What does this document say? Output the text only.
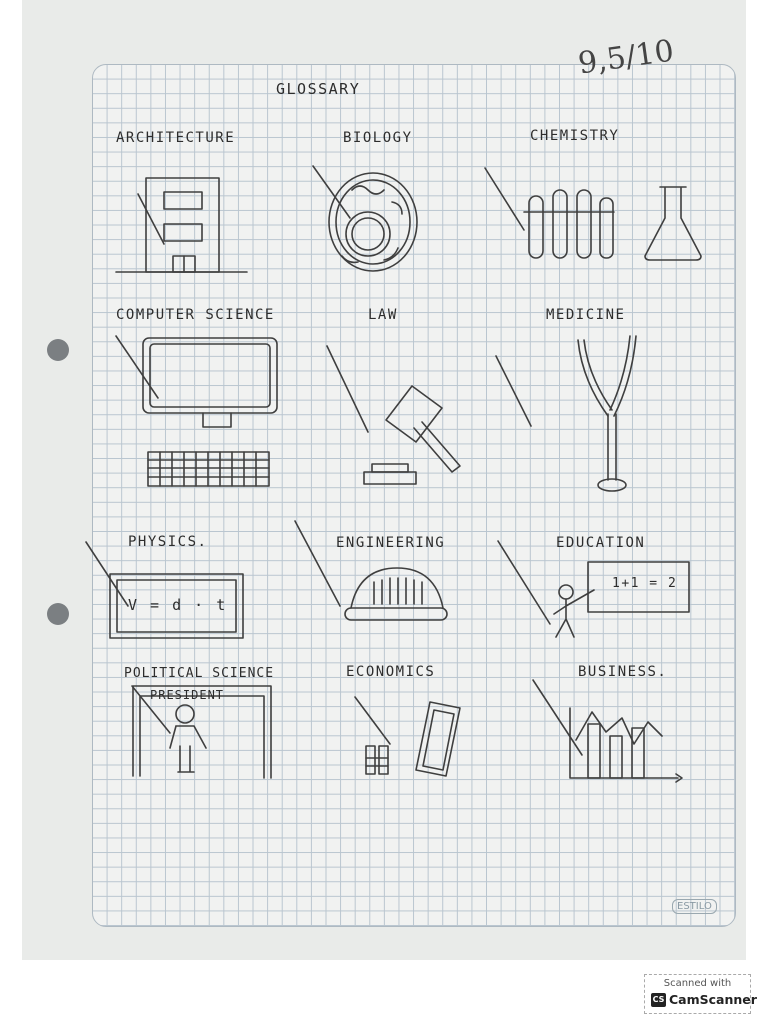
GLOSSARY
9,5/10
ESTILO
ARCHITECTURE	BIOLOGY	CHEMISTRY
COMPUTER SCIENCE	LAW	MEDICINE
PHYSICS.	ENGINEERING	EDUCATION
POLITICAL SCIENCE	ECONOMICS	BUSINESS.
V = d · t
1+1 = 2
PRESIDENT
Scanned with
CS CamScanner
